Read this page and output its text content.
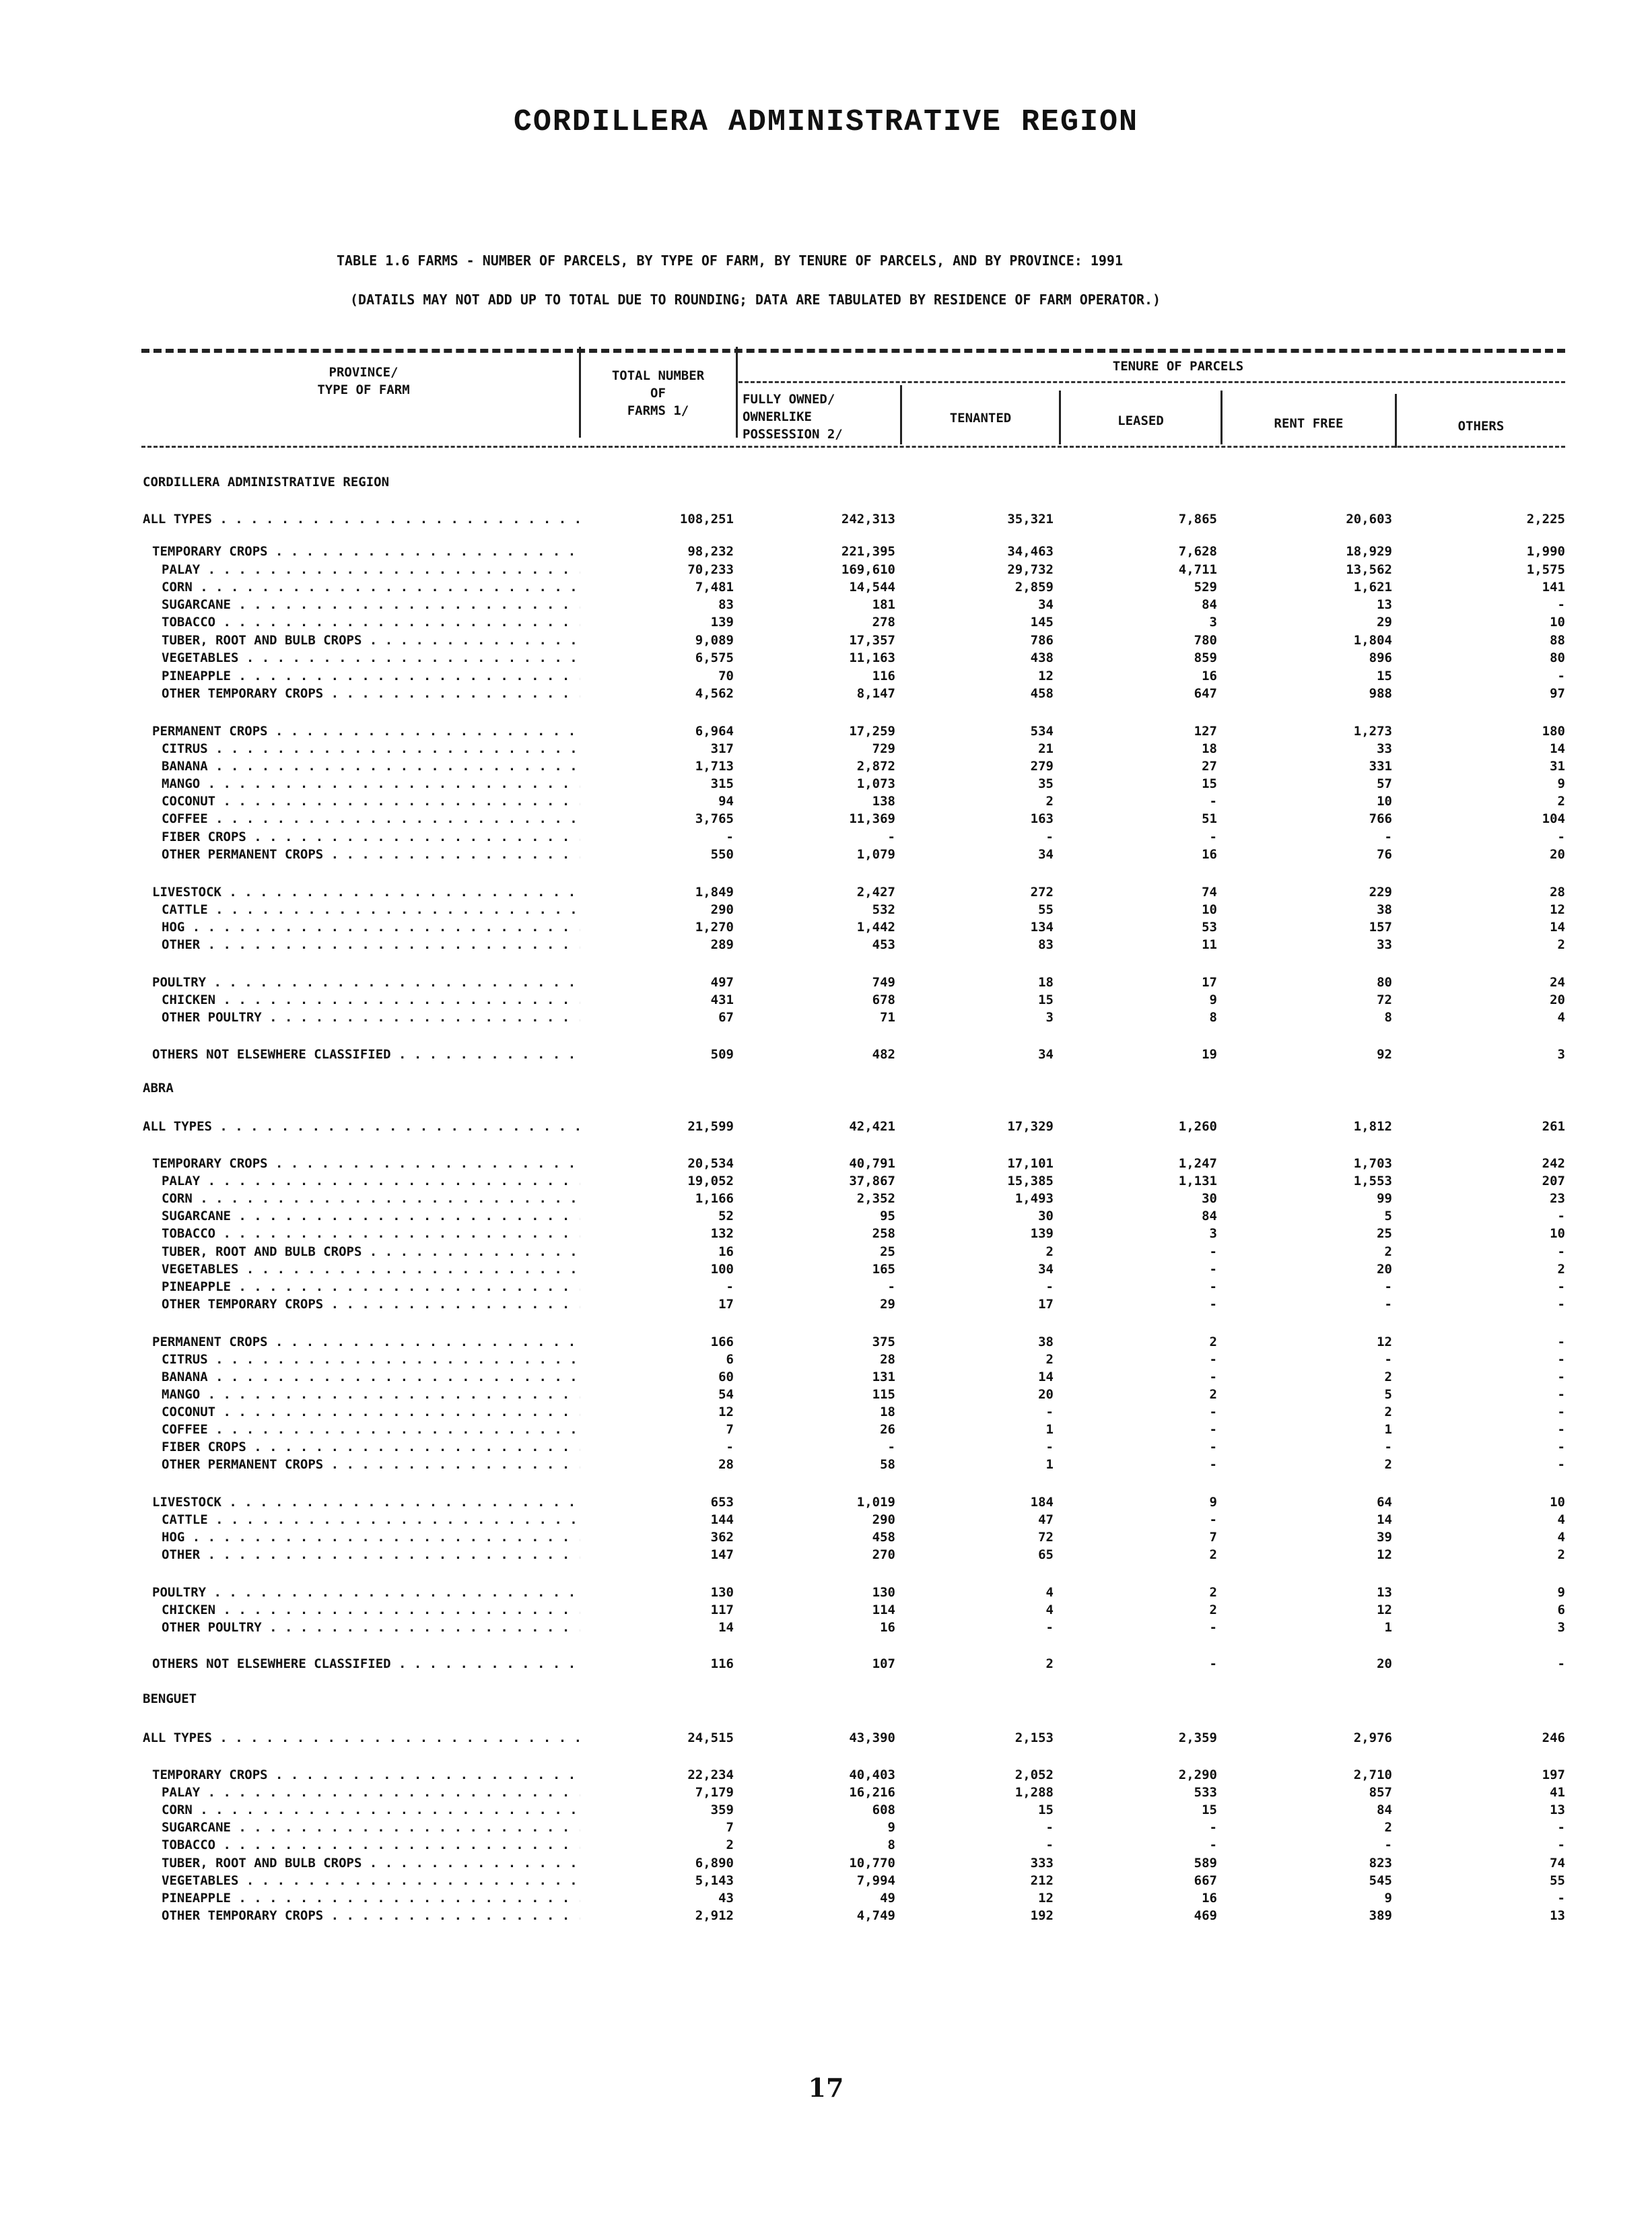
CORDILLERA ADMINISTRATIVE REGION
TABLE 1.6 FARMS - NUMBER OF PARCELS, BY TYPE OF FARM, BY TENURE OF PARCELS, AND BY PROVINCE: 1991
(DATAILS MAY NOT ADD UP TO TOTAL DUE TO ROUNDING; DATA ARE TABULATED BY RESIDENCE OF FARM OPERATOR.)
PROVINCE/
TYPE OF FARM
TOTAL NUMBER
OF
FARMS 1/
TENURE OF PARCELS
FULLY OWNED/
OWNERLIKE
POSSESSION 2/
TENANTED	LEASED	RENT FREE	OTHERS
CORDILLERA ADMINISTRATIVE REGION
ALL TYPES . . .	108,251	242,313	35,321	7,865	20,603	2,225
TEMPORARY CROPS . . .	98,232	221,395	34,463	7,628	18,929	1,990
PALAY . . .	70,233	169,610	29,732	4,711	13,562	1,575
CORN . . .	7,481	14,544	2,859	529	1,621	141
SUGARCANE . . .	83	181	34	84	13	-
TOBACCO . . .	139	278	145	3	29	10
TUBER, ROOT AND BULB CROPS . . .	9,089	17,357	786	780	1,804	88
VEGETABLES . . .	6,575	11,163	438	859	896	80
PINEAPPLE . . .	70	116	12	16	15	-
OTHER TEMPORARY CROPS . . .	4,562	8,147	458	647	988	97
PERMANENT CROPS . . .	6,964	17,259	534	127	1,273	180
CITRUS . . .	317	729	21	18	33	14
BANANA . . .	1,713	2,872	279	27	331	31
MANGO . . .	315	1,073	35	15	57	9
COCONUT . . .	94	138	2	-	10	2
COFFEE . . .	3,765	11,369	163	51	766	104
FIBER CROPS . . .	-	-	-	-	-	-
OTHER PERMANENT CROPS . . .	550	1,079	34	16	76	20
LIVESTOCK . . .	1,849	2,427	272	74	229	28
CATTLE . . .	290	532	55	10	38	12
HOG . . .	1,270	1,442	134	53	157	14
OTHER . . .	289	453	83	11	33	2
POULTRY . . .	497	749	18	17	80	24
CHICKEN . . .	431	678	15	9	72	20
OTHER POULTRY . . .	67	71	3	8	8	4
OTHERS NOT ELSEWHERE CLASSIFIED . . .	509	482	34	19	92	3
ABRA
ALL TYPES . . .	21,599	42,421	17,329	1,260	1,812	261
TEMPORARY CROPS . . .	20,534	40,791	17,101	1,247	1,703	242
PALAY . . .	19,052	37,867	15,385	1,131	1,553	207
CORN . . .	1,166	2,352	1,493	30	99	23
SUGARCANE . . .	52	95	30	84	5	-
TOBACCO . . .	132	258	139	3	25	10
TUBER, ROOT AND BULB CROPS . . .	16	25	2	-	2	-
VEGETABLES . . .	100	165	34	-	20	2
PINEAPPLE . . .	-	-	-	-	-	-
OTHER TEMPORARY CROPS . . .	17	29	17	-	-	-
PERMANENT CROPS . . .	166	375	38	2	12	-
CITRUS . . .	6	28	2	-	-	-
BANANA . . .	60	131	14	-	2	-
MANGO . . .	54	115	20	2	5	-
COCONUT . . .	12	18	-	-	2	-
COFFEE . . .	7	26	1	-	1	-
FIBER CROPS . . .	-	-	-	-	-	-
OTHER PERMANENT CROPS . . .	28	58	1	-	2	-
LIVESTOCK . . .	653	1,019	184	9	64	10
CATTLE . . .	144	290	47	-	14	4
HOG . . .	362	458	72	7	39	4
OTHER . . .	147	270	65	2	12	2
POULTRY . . .	130	130	4	2	13	9
CHICKEN . . .	117	114	4	2	12	6
OTHER POULTRY . . .	14	16	-	-	1	3
OTHERS NOT ELSEWHERE CLASSIFIED . . .	116	107	2	-	20	-
BENGUET
ALL TYPES . . .	24,515	43,390	2,153	2,359	2,976	246
TEMPORARY CROPS . . .	22,234	40,403	2,052	2,290	2,710	197
PALAY . . .	7,179	16,216	1,288	533	857	41
CORN . . .	359	608	15	15	84	13
SUGARCANE . . .	7	9	-	-	2	-
TOBACCO . . .	2	8	-	-	-	-
TUBER, ROOT AND BULB CROPS . . .	6,890	10,770	333	589	823	74
VEGETABLES . . .	5,143	7,994	212	667	545	55
PINEAPPLE . . .	43	49	12	16	9	-
OTHER TEMPORARY CROPS . . .	2,912	4,749	192	469	389	13
17
